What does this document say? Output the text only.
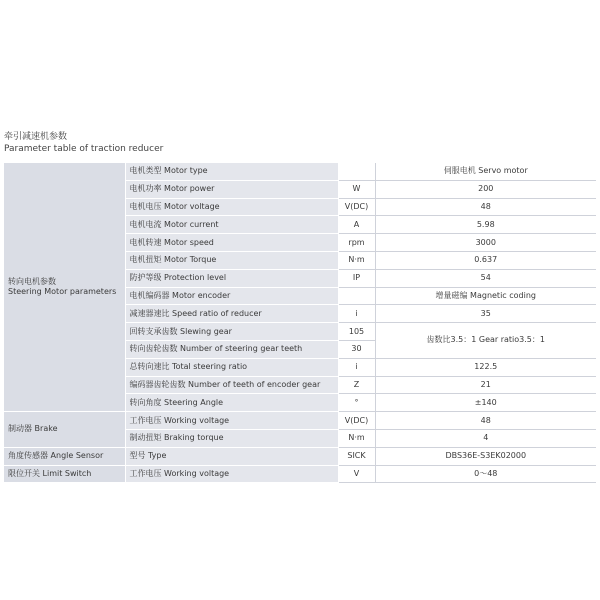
牵引减速机参数
Parameter table of traction reducer
转向电机参数
Steering Motor parameters	电机类型 Motor type		伺服电机 Servo motor
	电机功率 Motor power	W	200
	电机电压 Motor voltage	V(DC)	48
	电机电流 Motor current	A	5.98
	电机转速 Motor speed	rpm	3000
	电机扭矩 Motor Torque	N·m	0.637
	防护等级 Protection level	IP	54
	电机编码器 Motor encoder		增量磁编 Magnetic coding
	减速器速比 Speed ratio of reducer	i	35
	回转支承齿数 Slewing gear	105	齿数比3.5：1 Gear ratio3.5：1
	转向齿轮齿数 Number of steering gear teeth	30	
	总转向速比 Total steering ratio	i	122.5
	编码器齿轮齿数 Number of teeth of encoder gear	Z	21
	转向角度 Steering Angle	°	±140
制动器 Brake	工作电压 Working voltage	V(DC)	48
	制动扭矩 Braking torque	N·m	4
角度传感器 Angle Sensor	型号 Type	SICK	DBS36E-S3EK02000
限位开关 Limit Switch	工作电压 Working voltage	V	0～48
